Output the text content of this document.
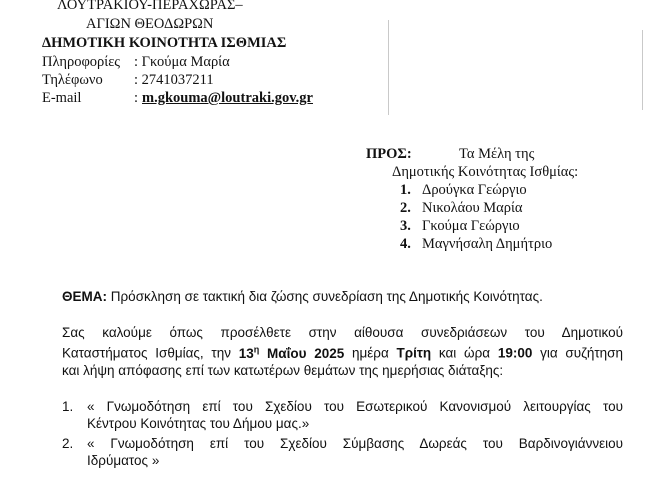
ΛΟΥΤΡΑΚΙΟΥ-ΠΕΡΑΧΩΡΑΣ–
ΑΓΙΩΝ ΘΕΟΔΩΡΩΝ
ΔΗΜΟΤΙΚΗ ΚΟΙΝΟΤΗΤΑ ΙΣΘΜΙΑΣ
Πληροφορίες : Γκούμα Μαρία
Τηλέφωνο : 2741037211
E-mail	: m.gkouma@loutraki.gov.gr
ΠΡΟΣ:	Τα Μέλη της
Δημοτικής Κοινότητας Ισθμίας:
1. Δρούγκα Γεώργιο
2. Νικολάου Μαρία
3. Γκούμα Γεώργιο
4. Μαγνήσαλη Δημήτριο
ΘΕΜΑ: Πρόσκληση σε τακτική δια ζώσης συνεδρίαση της Δημοτικής Κοινότητας.
Σας καλούμε όπως προσέλθετε στην αίθουσα συνεδριάσεων του Δημοτικού
Καταστήματος Ισθμίας, την $13^\eta$ Μαΐου 2025 ημέρα Τρίτη και ώρα 19:00 για συζήτηση
και λήψη απόφασης επί των κατωτέρων θεμάτων της ημερήσιας διάταξης:
1. « Γνωμοδότηση επί του Σχεδίου του Εσωτερικού Κανονισμού λειτουργίας του
Κέντρου Κοινότητας του Δήμου μας.»
2. « Γνωμοδότηση επί του Σχεδίου Σύμβασης Δωρεάς του Βαρδινογιάννειου
Ιδρύματος »
